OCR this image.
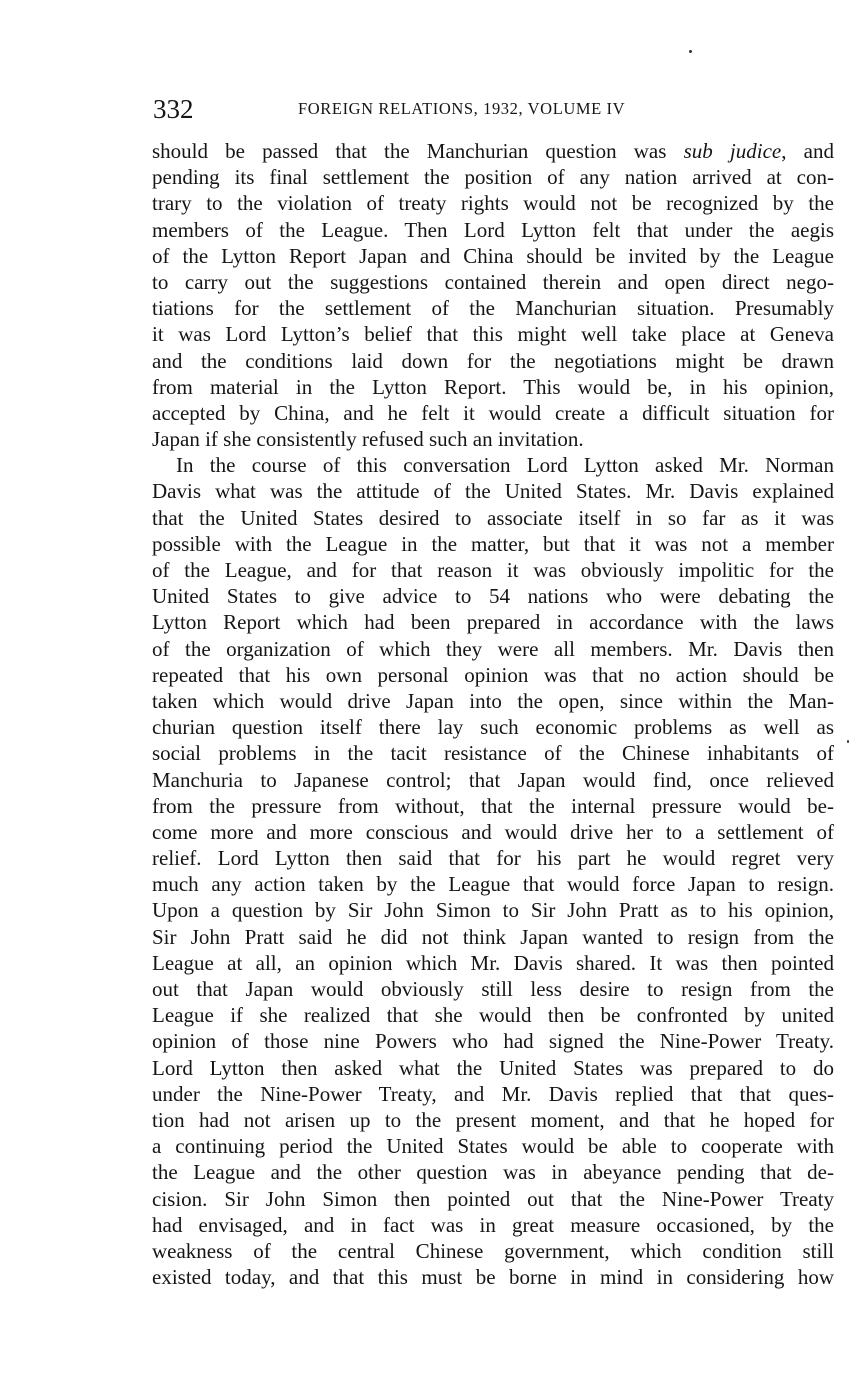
332	FOREIGN RELATIONS, 1932, VOLUME IV
should be passed that the Manchurian question was sub judice, and
pending its final settlement the position of any nation arrived at con-
trary to the violation of treaty rights would not be recognized by the
members of the League. Then Lord Lytton felt that under the aegis
of the Lytton Report Japan and China should be invited by the League
to carry out the suggestions contained therein and open direct nego-
tiations for the settlement of the Manchurian situation. Presumably
it was Lord Lytton’s belief that this might well take place at Geneva
and the conditions laid down for the negotiations might be drawn
from material in the Lytton Report. This would be, in his opinion,
accepted by China, and he felt it would create a difficult situation for
Japan if she consistently refused such an invitation.
In the course of this conversation Lord Lytton asked Mr. Norman
Davis what was the attitude of the United States. Mr. Davis explained
that the United States desired to associate itself in so far as it was
possible with the League in the matter, but that it was not a member
of the League, and for that reason it was obviously impolitic for the
United States to give advice to 54 nations who were debating the
Lytton Report which had been prepared in accordance with the laws
of the organization of which they were all members. Mr. Davis then
repeated that his own personal opinion was that no action should be
taken which would drive Japan into the open, since within the Man-
churian question itself there lay such economic problems as well as
social problems in the tacit resistance of the Chinese inhabitants of
Manchuria to Japanese control; that Japan would find, once relieved
from the pressure from without, that the internal pressure would be-
come more and more conscious and would drive her to a settlement of
relief. Lord Lytton then said that for his part he would regret very
much any action taken by the League that would force Japan to resign.
Upon a question by Sir John Simon to Sir John Pratt as to his opinion,
Sir John Pratt said he did not think Japan wanted to resign from the
League at all, an opinion which Mr. Davis shared. It was then pointed
out that Japan would obviously still less desire to resign from the
League if she realized that she would then be confronted by united
opinion of those nine Powers who had signed the Nine-Power Treaty.
Lord Lytton then asked what the United States was prepared to do
under the Nine-Power Treaty, and Mr. Davis replied that that ques-
tion had not arisen up to the present moment, and that he hoped for
a continuing period the United States would be able to cooperate with
the League and the other question was in abeyance pending that de-
cision. Sir John Simon then pointed out that the Nine-Power Treaty
had envisaged, and in fact was in great measure occasioned, by the
weakness of the central Chinese government, which condition still
existed today, and that this must be borne in mind in considering how
